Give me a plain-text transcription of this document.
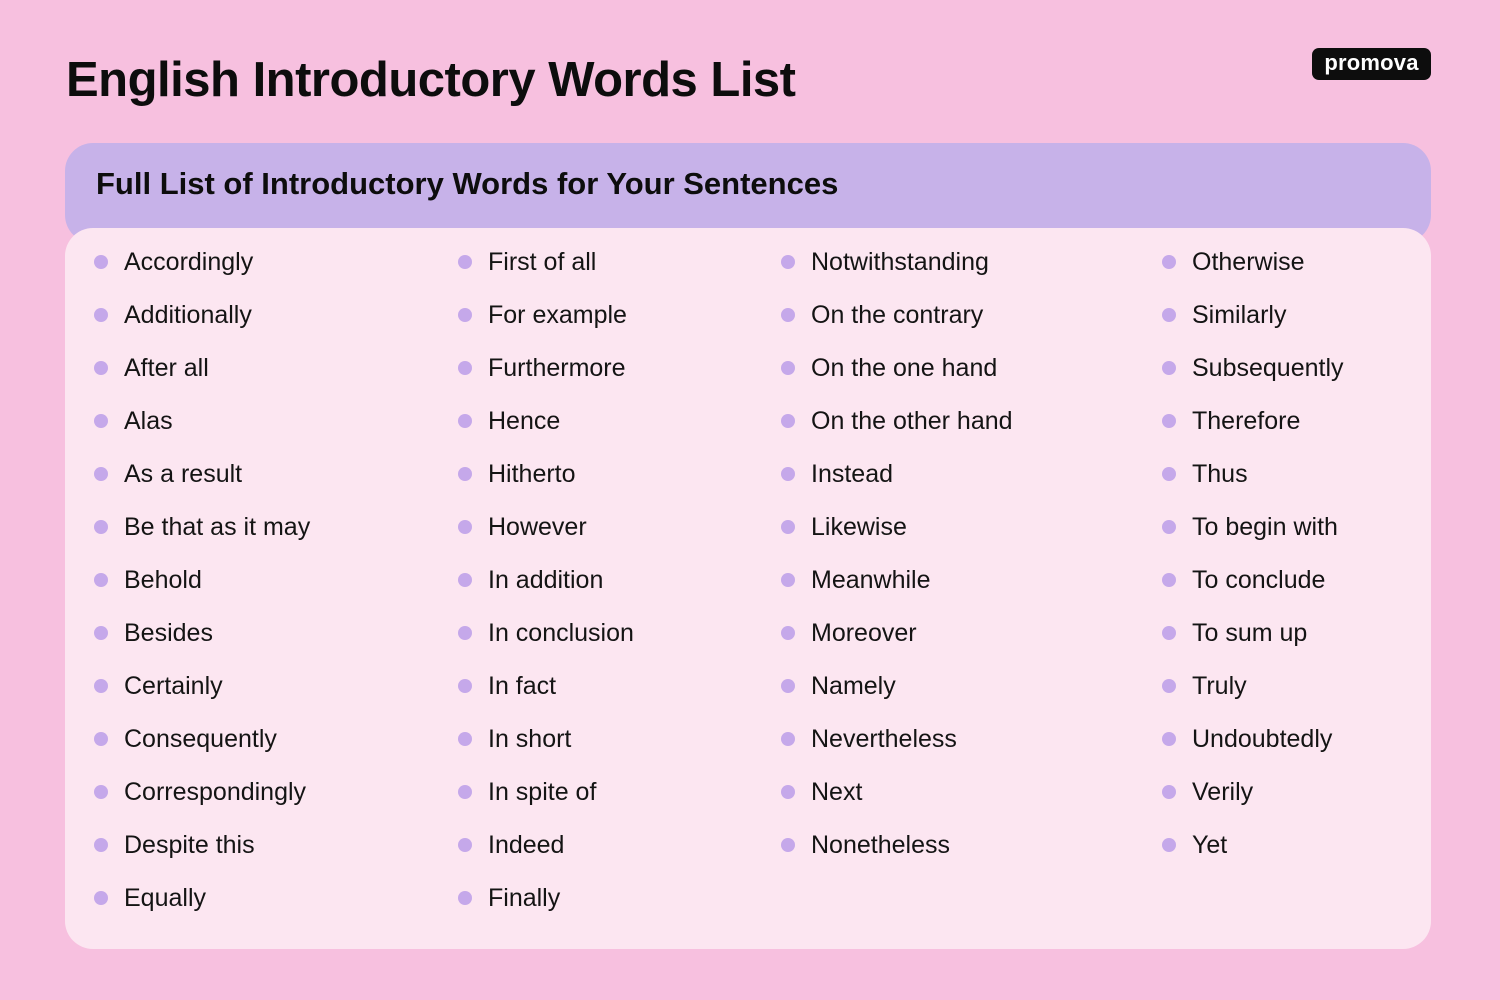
English Introductory Words List	promova
Full List of Introductory Words for Your Sentences
Accordingly
Additionally
After all
Alas
As a result
Be that as it may
Behold
Besides
Certainly
Consequently
Correspondingly
Despite this
Equally
First of all
For example
Furthermore
Hence
Hitherto
However
In addition
In conclusion
In fact
In short
In spite of
Indeed
Finally
Notwithstanding
On the contrary
On the one hand
On the other hand
Instead
Likewise
Meanwhile
Moreover
Namely
Nevertheless
Next
Nonetheless
Otherwise
Similarly
Subsequently
Therefore
Thus
To begin with
To conclude
To sum up
Truly
Undoubtedly
Verily
Yet
